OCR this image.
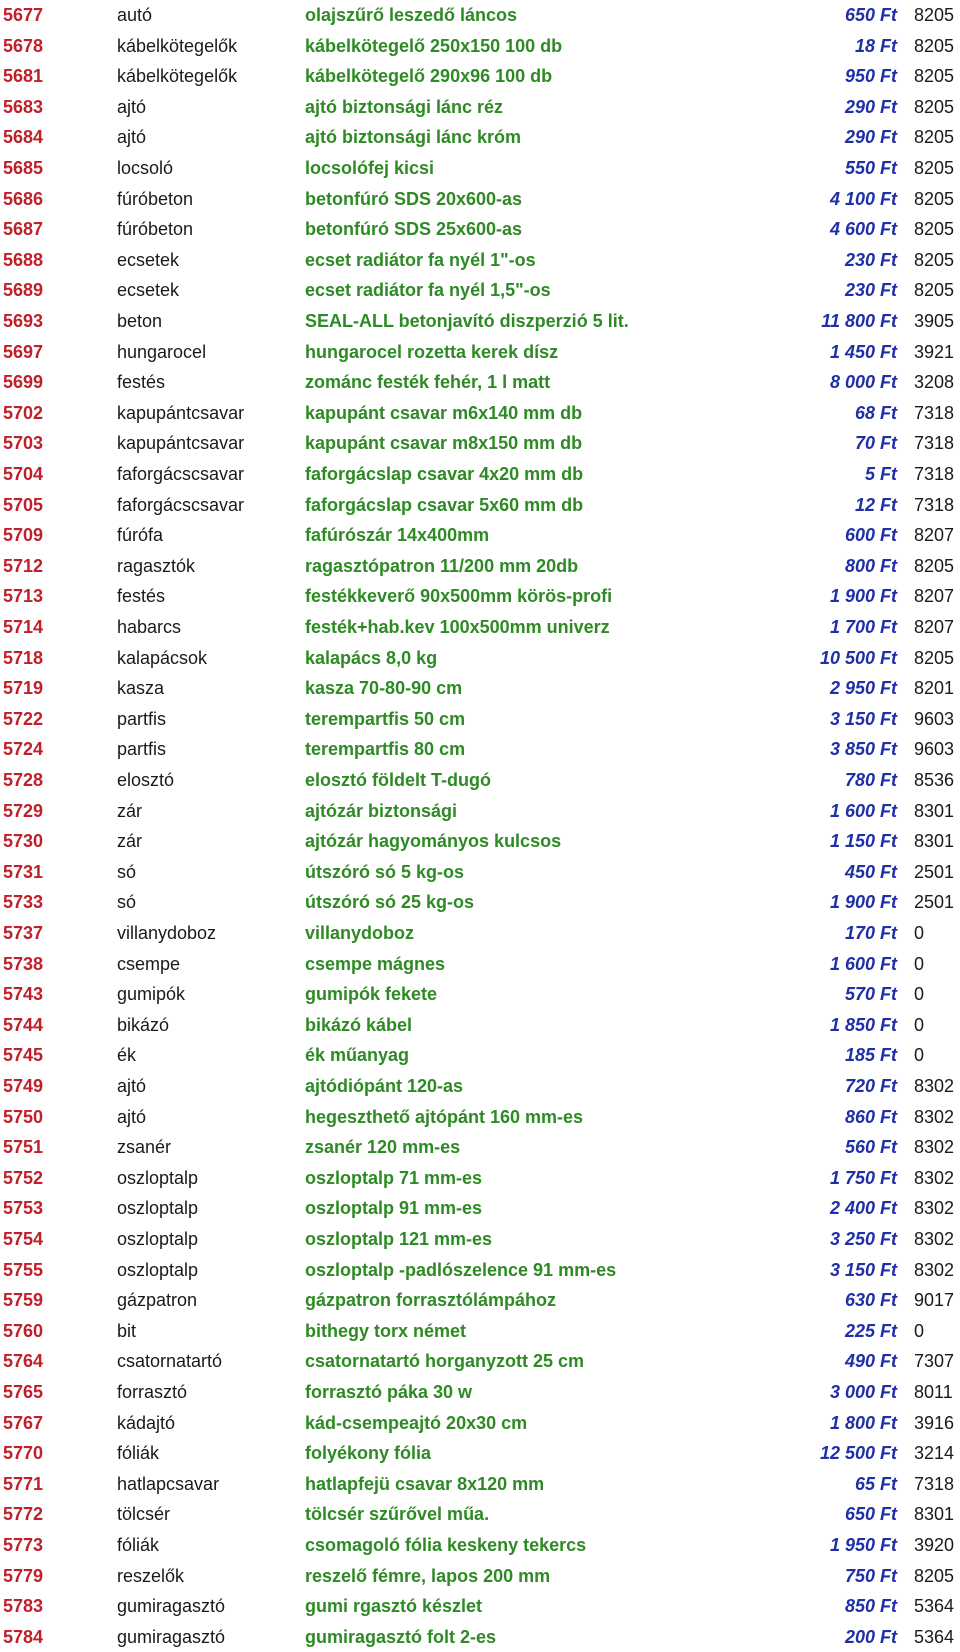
5677	autó	olajszűrő leszedő láncos	650 Ft 8205
5678	kábelkötegelők	kábelkötegelő 250x150 100 db	18 Ft 8205
5681	kábelkötegelők	kábelkötegelő 290x96 100 db	950 Ft 8205
5683	ajtó	ajtó biztonsági lánc réz	290 Ft 8205
5684	ajtó	ajtó biztonsági lánc króm	290 Ft 8205
5685	locsoló	locsolófej kicsi	550 Ft 8205
5686	fúróbeton	betonfúró SDS 20x600-as	4 100 Ft 8205
5687	fúróbeton	betonfúró SDS 25x600-as	4 600 Ft 8205
5688	ecsetek	ecset radiátor fa nyél 1"-os	230 Ft 8205
5689	ecsetek	ecset radiátor fa nyél 1,5"-os	230 Ft 8205
5693	beton	SEAL-ALL betonjavító diszperzió 5 lit.	11 800 Ft 3905
5697	hungarocel	hungarocel rozetta kerek dísz	1 450 Ft 3921
5699	festés	zománc festék fehér, 1 l matt	8 000 Ft 3208
5702	kapupántcsavar	kapupánt csavar m6x140 mm db	68 Ft 7318
5703	kapupántcsavar	kapupánt csavar m8x150 mm db	70 Ft 7318
5704	faforgácscsavar	faforgácslap csavar 4x20 mm db	5 Ft 7318
5705	faforgácscsavar	faforgácslap csavar 5x60 mm db	12 Ft 7318
5709	fúrófa	fafúrószár 14x400mm	600 Ft 8207
5712	ragasztók	ragasztópatron 11/200 mm 20db	800 Ft 8205
5713	festés	festékkeverő 90x500mm körös-profi	1 900 Ft 8207
5714	habarcs	festék+hab.kev 100x500mm univerz	1 700 Ft 8207
5718	kalapácsok	kalapács 8,0 kg	10 500 Ft 8205
5719	kasza	kasza 70-80-90 cm	2 950 Ft 8201
5722	partfis	terempartfis 50 cm	3 150 Ft 9603
5724	partfis	terempartfis 80 cm	3 850 Ft 9603
5728	elosztó	elosztó földelt T-dugó	780 Ft 8536
5729	zár	ajtózár biztonsági	1 600 Ft 8301
5730	zár	ajtózár hagyományos kulcsos	1 150 Ft 8301
5731	só	útszóró só 5 kg-os	450 Ft 2501
5733	só	útszóró só 25 kg-os	1 900 Ft 2501
5737	villanydoboz	villanydoboz	170 Ft 0
5738	csempe	csempe mágnes	1 600 Ft 0
5743	gumipók	gumipók fekete	570 Ft 0
5744	bikázó	bikázó kábel	1 850 Ft 0
5745	ék	ék műanyag	185 Ft 0
5749	ajtó	ajtódiópánt 120-as	720 Ft 8302
5750	ajtó	hegeszthető ajtópánt 160 mm-es	860 Ft 8302
5751	zsanér	zsanér 120 mm-es	560 Ft 8302
5752	oszloptalp	oszloptalp 71 mm-es	1 750 Ft 8302
5753	oszloptalp	oszloptalp 91 mm-es	2 400 Ft 8302
5754	oszloptalp	oszloptalp 121 mm-es	3 250 Ft 8302
5755	oszloptalp	oszloptalp -padlószelence 91 mm-es	3 150 Ft 8302
5759	gázpatron	gázpatron forrasztólámpához	630 Ft 9017
5760	bit	bithegy torx német	225 Ft 0
5764	csatornatartó	csatornatartó horganyzott 25 cm	490 Ft 7307
5765	forrasztó	forrasztó páka 30 w	3 000 Ft 8011
5767	kádajtó	kád-csempeajtó 20x30 cm	1 800 Ft 3916
5770	fóliák	folyékony fólia	12 500 Ft 3214
5771	hatlapcsavar	hatlapfejü csavar 8x120 mm	65 Ft 7318
5772	tölcsér	tölcsér szűrővel műa.	650 Ft 8301
5773	fóliák	csomagoló fólia keskeny tekercs	1 950 Ft 3920
5779	reszelők	reszelő fémre, lapos 200 mm	750 Ft 8205
5783	gumiragasztó	gumi rgasztó készlet	850 Ft 5364
5784	gumiragasztó	gumiragasztó folt 2-es	200 Ft 5364
